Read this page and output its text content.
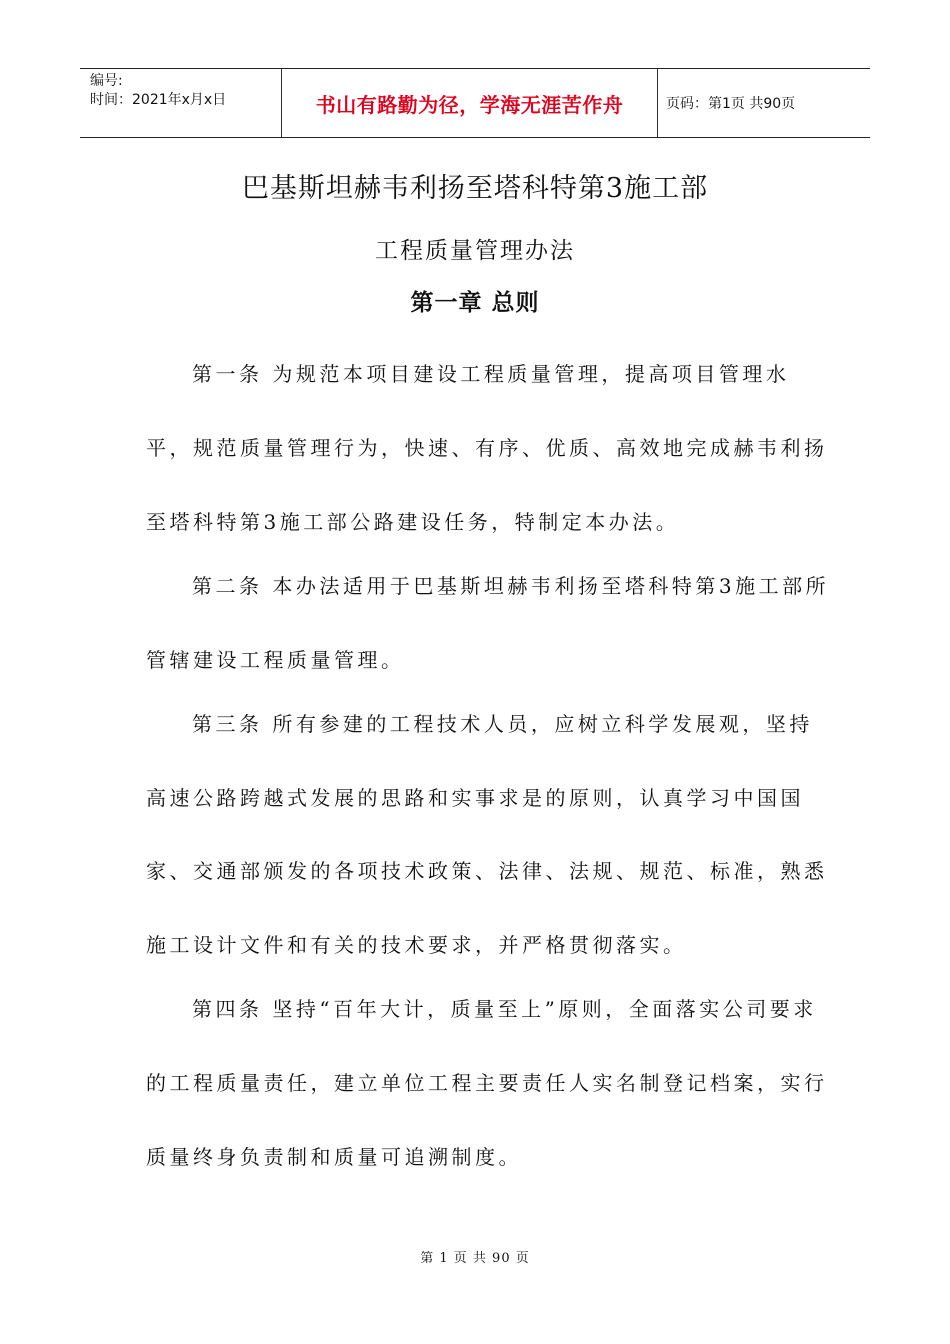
编号:
时间：2021年x月x日	书山有路勤为径，学海无涯苦作舟	页码：第1页 共90页
巴基斯坦赫韦利扬至塔科特第3施工部
工程质量管理办法
第一章 总则

第一条 为规范本项目建设工程质量管理，提高项目管理水

平，规范质量管理行为，快速、有序、优质、高效地完成赫韦利扬

至塔科特第3施工部公路建设任务，特制定本办法。

第二条 本办法适用于巴基斯坦赫韦利扬至塔科特第3施工部所

管辖建设工程质量管理。

第三条 所有参建的工程技术人员，应树立科学发展观，坚持

高速公路跨越式发展的思路和实事求是的原则，认真学习中国国

家、交通部颁发的各项技术政策、法律、法规、规范、标准，熟悉

施工设计文件和有关的技术要求，并严格贯彻落实。

第四条 坚持“百年大计，质量至上”原则，全面落实公司要求

的工程质量责任，建立单位工程主要责任人实名制登记档案，实行

质量终身负责制和质量可追溯制度。

第 1 页 共 90 页
